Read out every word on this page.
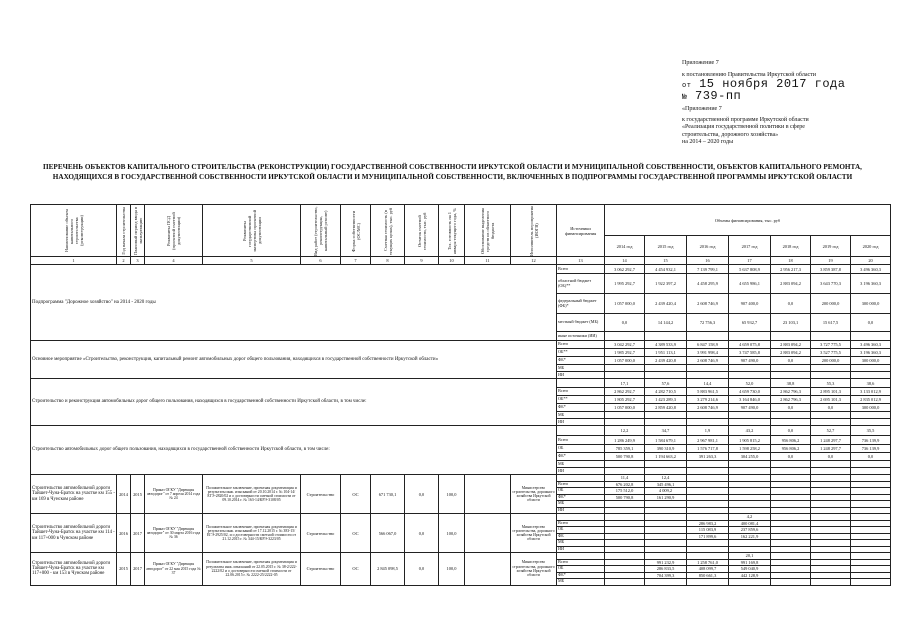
Приложение 7
к постановлению Правительства Иркутской области
от 15 ноября 2017 года
№ 739-пп
«Приложение 7
к государственной программе Иркутской области
«Реализация государственной политики в сфере
строительства, дорожного хозяйства»
на 2014 – 2020 годы
ПЕРЕЧЕНЬ ОБЪЕКТОВ КАПИТАЛЬНОГО СТРОИТЕЛЬСТВА (РЕКОНСТРУКЦИИ) ГОСУДАРСТВЕННОЙ СОБСТВЕННОСТИ ИРКУТСКОЙ ОБЛАСТИ И МУНИЦИПАЛЬНОЙ СОБСТВЕННОСТИ, ОБЪЕКТОВ КАПИТАЛЬНОГО РЕМОНТА, НАХОДЯЩИХСЯ В ГОСУДАРСТВЕННОЙ СОБСТВЕННОСТИ ИРКУТСКОЙ ОБЛАСТИ И МУНИЦИПАЛЬНОЙ СОБСТВЕННОСТИ, ВКЛЮЧЕННЫХ В ПОДПРОГРАММЫ ГОСУДАРСТВЕННОЙ ПРОГРАММЫ ИРКУТСКОЙ ОБЛАСТИ
Наименование объекта капитального строительства (реконструкции)	Год начала строительства	Плановый период ввода в эксплуатацию	Реквизиты ПСД (проектной сметной документации)	Реквизиты государственной экспертизы проектной документации	Вид работ (строительство, реконструкция, капитальный ремонт)	Форма собственности (ОС/МС)	Сметная стоимость (в текущих ценах), тыс. руб	Остаток сметной стоимости, тыс. руб	Тех. готовность на 1 января текущего года, %	Обоснование выделения средств из областного бюджета	Исполнитель мероприятия (ИОГВ)	Источники финансирования	Объемы финансирования, тыс. руб						
													2014 год	2015 год	2016 год	2017 год	2018 год	2019 год	2020 год
1	2	3	4	5	6	7	8	9	10	11	12	13	14	15	16	17	18	19	20
Подпрограмма "Дорожное хозяйство" на 2014 - 2020 годы												Всего	3 062 292,7	4 454 932,1	7 139 799,1	5 637 808,9	2 956 217,3	3 859 387,8	3 496 360,3
												областной бюджет (ОБ)**	1 995 292,7	1 922 397,2	4 458 295,9	4 655 986,1	2 883 094,2	3 643 770,3	3 196 360,3
												федеральный бюджет (ФБ)*	1 057 000,0	2 439 420,4	2 608 746,9	907 400,0	0,0	200 000,0	300 000,0
												местный бюджет (МБ)	0,0	14 144,2	72 756,3	65 932,7	23 103,1	15 617,5	0,0
												иные источники (ИИ)							
Основное мероприятие «Строительство, реконструкция, капитальный ремонт автомобильных дорог общего пользования, находящихся в государственной собственности Иркутской области»												Всего	3 042 292,7	4 389 533,9	6 847 158,9	4 659 075,8	2 883 094,2	3 727 775,5	3 496 360,3
												ОБ**	1 985 292,7	1 951 113,1	3 991 998,4	3 747 585,8	2 883 094,2	3 527 775,5	3 196 360,3
												ФБ*	1 057 000,0	2 439 420,8	2 608 746,9	907 490,0	0,0	200 000,0	300 000,0
												МБ							
												ИИ							
Строительство и реконструкция автомобильных дорог общего пользования, находящихся в государственной собственности Иркутской области, в том числе:													17,1	57,6	14,4	52,0	38,8	55,3	38,6
												Всего	2 862 292,7	4 282 710,5	5 883 961,5	4 659 730,0	2 862 796,3	2 895 101,3	3 133 012,9
												ОБ**	1 805 292,7	1 423 289,3	3 279 214,6	3 164 846,0	2 862 796,3	2 695 101,3	2 835 012,9
												ФБ*	1 057 000,0	2 859 420,8	2 608 746,9	907 490,0	0,0	0,0	300 000,0
												МБ							
												ИИ							
Строительство автомобильных дорог общего пользования, находящихся в государственной собственности Иркутской области, в том числе:													12,2	34,7	1,9	43,2	0,0	52,7	35,5
												Всего	1 286 249,9	1 584 679,1	2 967 981,1	1 905 815,2	956 806,2	1 248 297,7	736 139,9
												ОБ	785 359,1	390 310,9	1 576 717,8	1 598 258,2	956 806,2	1 248 297,7	736 139,9
												ФБ*	500 790,8	1 194 663,2	391 263,3	304 255,0	0,0	0,0	0,0
												МБ							
												ИИ							
Строительство автомобильной дороги Тайшет-Чуна-Братск на участке км 155 - км 169 в Чунском районе	2014	2015	Приказ ОГКУ "Дирекция автодорог" от 7 апреля 2014 года № 24	Положительное заключение, проектная документация и результаты инж. изысканий от 20.10.2014 г. № 104-14/ЕГЭ-2820/02 и о достоверности сметной стоимости от 09.10.2014 г. № 163-14/КРЭ-3108/05	Строительство	ОС	671 730,1	0,0	100,0		Министерство строительства, дорожного хозяйства Иркутской области		11,4	12,4					
												Всего	676 202,8	345 496,1					
												ОБ	175 512,0	4 009,2					
												ФБ*	500 790,8	161 290,9					
												МБ							
												ИИ							
Строительство автомобильной дороги Тайшет-Чуна-Братск на участке км 114 - км 117+000 в Чунском районе	2016	2017	Приказ ОГКУ "Дирекция автодорог" от 30 марта 2016 года № 36	Положительное заключение, проектная документация и результаты инж. изысканий от 17.12.2015 г. № 383-15/ЕГЭ-2925/02, и о достоверности сметной стоимости от 21.12.2015 г. № 344-15/КРЭ-3223/05	Строительство	ОС	566 067,0	0,0	100,0		Министерство строительства, дорожного хозяйства Иркутской области					4,2			
												Всего			286 983,2	400 081,4			
												ОБ			115 083,9	237 859,6			
												ФБ			171 899,6	162 221,9			
												МБ							
												ИИ							
Строительство автомобильной дороги Тайшет-Чуна-Братск на участке км 117+000 - км 153 в Чунском районе	2015	2017	Приказ ОГКУ "Дирекция автодорог" от 22 мая 2015 года № 37	Положительное заключение, проектная документация и результаты инж. изысканий от 22.05.2015 г. № 38-2/222-2222/02 и о достоверности сметной стоимости от 22.06.2015 г. № 2222-25/2222-05	Строительство	ОС	2 845 098,5	0,0	100,0		Министерство строительства, дорожного хозяйства Иркутской области					20,1			
												Всего		991 232,9	1 258 761,0	991 169,8			
												ОБ		286 833,5	408 099,7	549 040,9			
												ФБ*		704 399,3	850 661,3	442 128,9			
												МБ							
